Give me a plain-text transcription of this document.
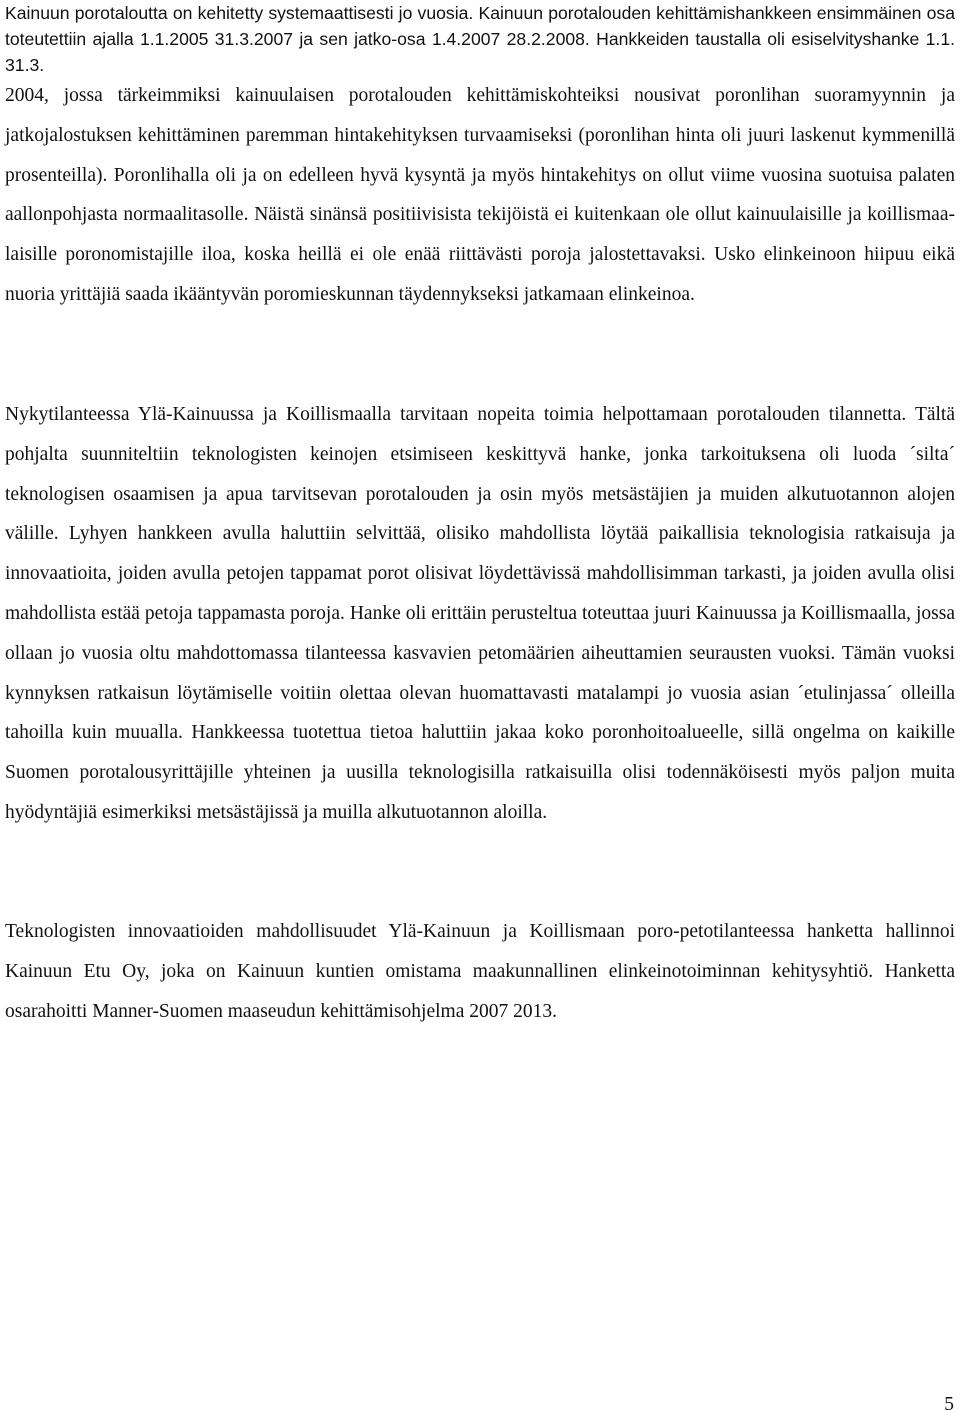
Kainuun porotaloutta on kehitetty systemaattisesti jo vuosia. Kainuun porotalouden kehittämishankkeen ensimmäinen osa toteutettiin ajalla 1.1.2005 31.3.2007 ja sen jatko-osa 1.4.2007 28.2.2008. Hankkeiden taustalla oli esiselvityshanke 1.1. 31.3.

2004, jossa tärkeimmiksi kainuulaisen porotalouden kehittämiskohteiksi nousivat poronlihan suoramyynnin ja jatkojalostuksen kehittäminen paremman hintakehityksen turvaamiseksi (poronlihan hinta oli juuri laskenut kymmenillä prosenteilla). Poronlihalla oli ja on edelleen hyvä kysyntä ja myös hintakehitys on ollut viime vuosina suotuisa palaten aallonpohjasta normaalitasolle. Näistä sinänsä positiivisista tekijöistä ei kuitenkaan ole ollut kainuulaisille ja koillismaalaisille poronomistajille iloa, koska heillä ei ole enää riittävästi poroja jalostettavaksi. Usko elinkeinoon hiipuu eikä nuoria yrittäjiä saada ikääntyvän poromieskunnan täydennykseksi jatkamaan elinkeinoa.

Nykytilanteessa Ylä-Kainuussa ja Koillismaalla tarvitaan nopeita toimia helpottamaan porotalouden tilannetta. Tältä pohjalta suunniteltiin teknologisten keinojen etsimiseen keskittyvä hanke, jonka tarkoituksena oli luoda ´silta´ teknologisen osaamisen ja apua tarvitsevan porotalouden ja osin myös metsästäjien ja muiden alkutuotannon alojen välille. Lyhyen hankkeen avulla haluttiin selvittää, olisiko mahdollista löytää paikallisia teknologisia ratkaisuja ja innovaatioita, joiden avulla petojen tappamat porot olisivat löydettävissä mahdollisimman tarkasti, ja joiden avulla olisi mahdollista estää petoja tappamasta poroja. Hanke oli erittäin perusteltua toteuttaa juuri Kainuussa ja Koillismaalla, jossa ollaan jo vuosia oltu mahdottomassa tilanteessa kasvavien petomäärien aiheuttamien seurausten vuoksi. Tämän vuoksi kynnyksen ratkaisun löytämiselle voitiin olettaa olevan huomattavasti matalampi jo vuosia asian ´etulinjassa´ olleilla tahoilla kuin muualla. Hankkeessa tuotettua tietoa haluttiin jakaa koko poronhoitoalueelle, sillä ongelma on kaikille Suomen porotalousyrittäjille yhteinen ja uusilla teknologisilla ratkaisuilla olisi todennäköisesti myös paljon muita hyödyntäjiä esimerkiksi metsästäjissä ja muilla alkutuotannon aloilla.

Teknologisten innovaatioiden mahdollisuudet Ylä-Kainuun ja Koillismaan poro-petotilanteessa hanketta hallinnoi Kainuun Etu Oy, joka on Kainuun kuntien omistama maakunnallinen elinkeinotoiminnan kehitysyhtiö. Hanketta osarahoitti Manner-Suomen maaseudun kehittämisohjelma 2007 2013.

5
